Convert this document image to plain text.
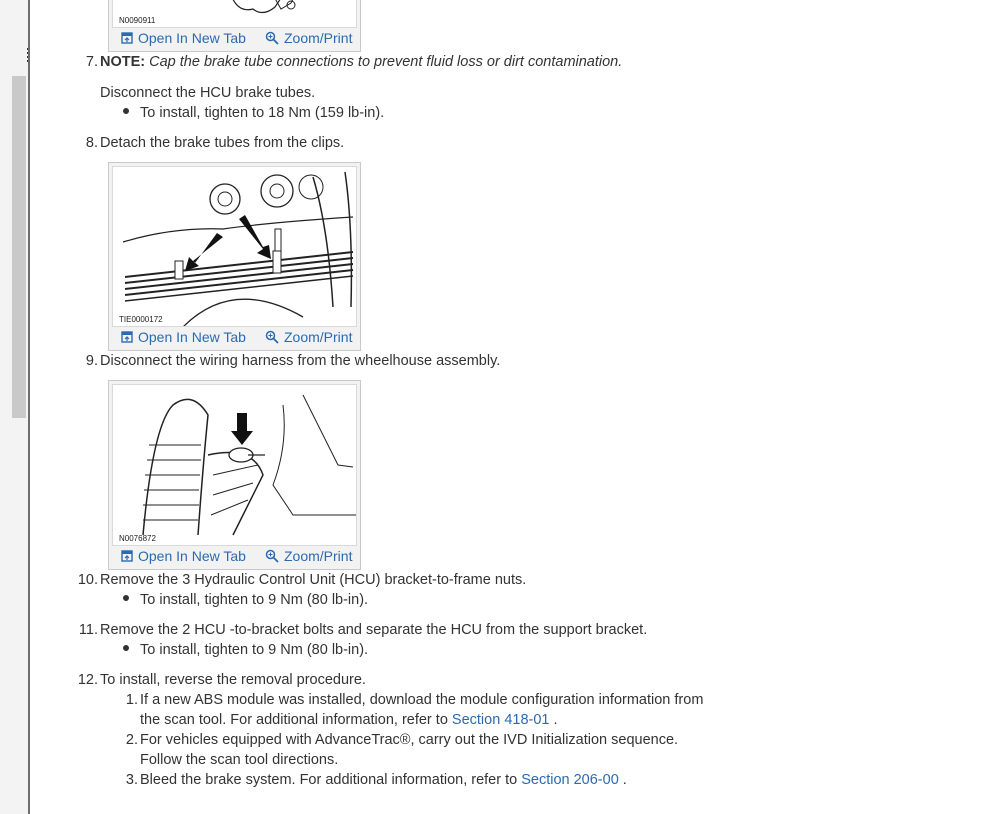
N0090911
Open In New Tab	Zoom/Print
7. NOTE: Cap the brake tube connections to prevent fluid loss or dirt contamination.
Disconnect the HCU brake tubes.
To install, tighten to 18 Nm (159 lb-in).
8. Detach the brake tubes from the clips.
TIE0000172
Open In New Tab	Zoom/Print
9. Disconnect the wiring harness from the wheelhouse assembly.
N0076872
Open In New Tab	Zoom/Print
10. Remove the 3 Hydraulic Control Unit (HCU) bracket-to-frame nuts.
To install, tighten to 9 Nm (80 lb-in).
11. Remove the 2 HCU -to-bracket bolts and separate the HCU from the support bracket.
To install, tighten to 9 Nm (80 lb-in).
12. To install, reverse the removal procedure.
1. If a new ABS module was installed, download the module configuration information from
the scan tool. For additional information, refer to Section 418-01 .
2. For vehicles equipped with AdvanceTrac®, carry out the IVD Initialization sequence.
Follow the scan tool directions.
3. Bleed the brake system. For additional information, refer to Section 206-00 .
